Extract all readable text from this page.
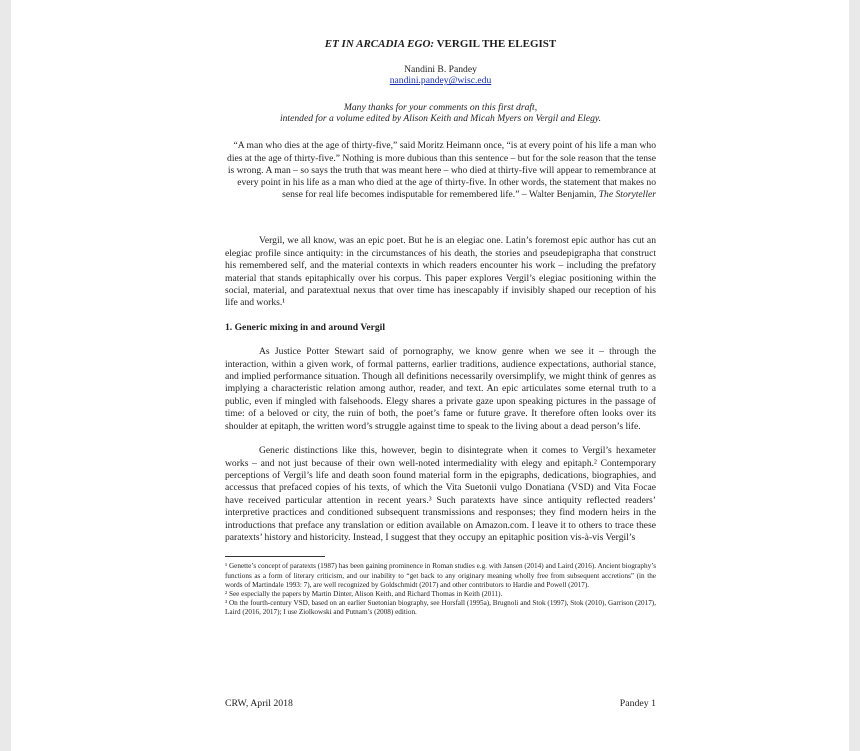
ET IN ARCADIA EGO: VERGIL THE ELEGIST
Nandini B. Pandey
nandini.pandey@wisc.edu
Many thanks for your comments on this first draft,
intended for a volume edited by Alison Keith and Micah Myers on Vergil and Elegy.
“A man who dies at the age of thirty-five,” said Moritz Heimann once, “is at every point of his life a man who dies at the age of thirty-five.” Nothing is more dubious than this sentence – but for the sole reason that the tense is wrong. A man – so says the truth that was meant here – who died at thirty-five will appear to remembrance at every point in his life as a man who died at the age of thirty-five. In other words, the statement that makes no sense for real life becomes indisputable for remembered life.” – Walter Benjamin, The Storyteller

Vergil, we all know, was an epic poet. But he is an elegiac one. Latin’s foremost epic author has cut an elegiac profile since antiquity: in the circumstances of his death, the stories and pseudepigrapha that construct his remembered self, and the material contexts in which readers encounter his work – including the prefatory material that stands epitaphically over his corpus. This paper explores Vergil’s elegiac positioning within the social, material, and paratextual nexus that over time has inescapably if invisibly shaped our reception of his life and works.¹

1. Generic mixing in and around Vergil

As Justice Potter Stewart said of pornography, we know genre when we see it – through the interaction, within a given work, of formal patterns, earlier traditions, audience expectations, authorial stance, and implied performance situation. Though all definitions necessarily oversimplify, we might think of genres as implying a characteristic relation among author, reader, and text. An epic articulates some eternal truth to a public, even if mingled with falsehoods. Elegy shares a private gaze upon speaking pictures in the passage of time: of a beloved or city, the ruin of both, the poet’s fame or future grave. It therefore often looks over its shoulder at epitaph, the written word’s struggle against time to speak to the living about a dead person’s life.

Generic distinctions like this, however, begin to disintegrate when it comes to Vergil’s hexameter works – and not just because of their own well-noted intermediality with elegy and epitaph.² Contemporary perceptions of Vergil’s life and death soon found material form in the epigraphs, dedications, biographies, and accessus that prefaced copies of his texts, of which the Vita Suetonii vulgo Donatiana (VSD) and Vita Focae have received particular attention in recent years.³ Such paratexts have since antiquity reflected readers’ interpretive practices and conditioned subsequent transmissions and responses; they find modern heirs in the introductions that preface any translation or edition available on Amazon.com. I leave it to others to trace these paratexts’ history and historicity. Instead, I suggest that they occupy an epitaphic position vis-à-vis Vergil’s

¹ Genette’s concept of paratexts (1987) has been gaining prominence in Roman studies e.g. with Jansen (2014) and Laird (2016). Ancient biography’s functions as a form of literary criticism, and our inability to “get back to any originary meaning wholly free from subsequent accretions” (in the words of Martindale 1993: 7), are well recognized by Goldschmidt (2017) and other contributors to Hardie and Powell (2017).
² See especially the papers by Martin Dinter, Alison Keith, and Richard Thomas in Keith (2011).
³ On the fourth-century VSD, based on an earlier Suetonian biography, see Horsfall (1995a), Brugnoli and Stok (1997), Stok (2010), Garrison (2017), Laird (2016, 2017); I use Ziolkowski and Putnam’s (2008) edition.
CRW, April 2018	Pandey 1
